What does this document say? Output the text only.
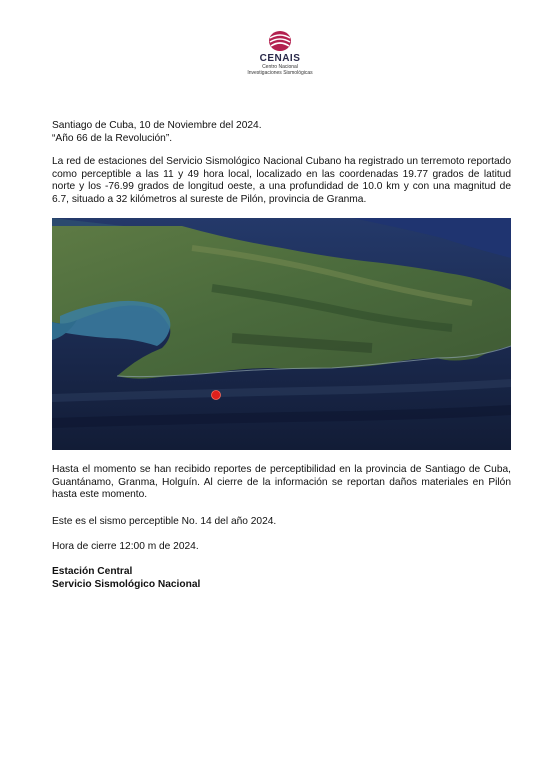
CENAIS
Centro Nacional
Investigaciones Sismológicas
Santiago de Cuba, 10 de Noviembre del 2024.
“Año 66 de la Revolución”.
La red de estaciones del Servicio Sismológico Nacional Cubano ha registrado un terremoto reportado como perceptible a las 11 y 49 hora local, localizado en las coordenadas 19.77 grados de latitud norte y los -76.99 grados de longitud oeste, a una profundidad de 10.0 km y con una magnitud de 6.7, situado a 32 kilómetros al sureste de Pilón, provincia de Granma.
Hasta el momento se han recibido reportes de perceptibilidad en la provincia de Santiago de Cuba, Guantánamo, Granma, Holguín. Al cierre de la información se reportan daños materiales en Pilón hasta este momento.
Este es el sismo perceptible No. 14 del año 2024.
Hora de cierre 12:00 m de 2024.
Estación Central
Servicio Sismológico Nacional
